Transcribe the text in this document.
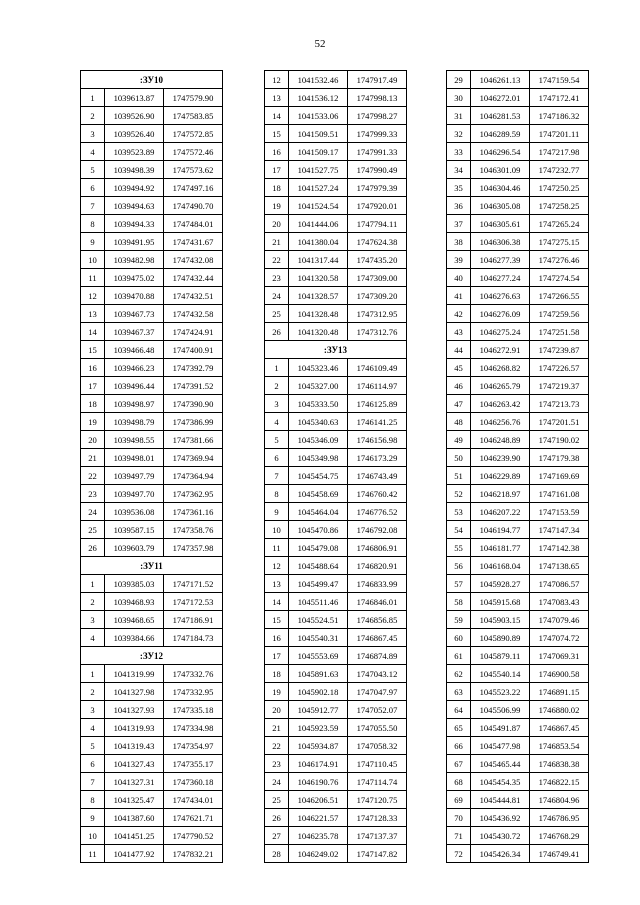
52
:ЗУ10		
1	1039613.87	1747579.90
2	1039526.90	1747583.85
3	1039526.40	1747572.85
4	1039523.89	1747572.46
5	1039498.39	1747573.62
6	1039494.92	1747497.16
7	1039494.63	1747490.70
8	1039494.33	1747484.01
9	1039491.95	1747431.67
10	1039482.98	1747432.08
11	1039475.02	1747432.44
12	1039470.88	1747432.51
13	1039467.73	1747432.58
14	1039467.37	1747424.91
15	1039466.48	1747400.91
16	1039466.23	1747392.79
17	1039496.44	1747391.52
18	1039498.97	1747390.90
19	1039498.79	1747386.99
20	1039498.55	1747381.66
21	1039498.01	1747369.94
22	1039497.79	1747364.94
23	1039497.70	1747362.95
24	1039536.08	1747361.16
25	1039587.15	1747358.76
26	1039603.79	1747357.98
:ЗУ11		
1	1039385.03	1747171.52
2	1039468.93	1747172.53
3	1039468.65	1747186.91
4	1039384.66	1747184.73
:ЗУ12		
1	1041319.99	1747332.76
2	1041327.98	1747332.95
3	1041327.93	1747335.18
4	1041319.93	1747334.98
5	1041319.43	1747354.97
6	1041327.43	1747355.17
7	1041327.31	1747360.18
8	1041325.47	1747434.01
9	1041387.60	1747621.71
10	1041451.25	1747790.52
11	1041477.92	1747832.21
12	1041532.46	1747917.49
13	1041536.12	1747998.13
14	1041533.06	1747998.27
15	1041509.51	1747999.33
16	1041509.17	1747991.33
17	1041527.75	1747990.49
18	1041527.24	1747979.39
19	1041524.54	1747920.01
20	1041444.06	1747794.11
21	1041380.04	1747624.38
22	1041317.44	1747435.20
23	1041320.58	1747309.00
24	1041328.57	1747309.20
25	1041328.48	1747312.95
26	1041320.48	1747312.76
:ЗУ13		
1	1045323.46	1746109.49
2	1045327.00	1746114.97
3	1045333.50	1746125.89
4	1045340.63	1746141.25
5	1045346.09	1746156.98
6	1045349.98	1746173.29
7	1045454.75	1746743.49
8	1045458.69	1746760.42
9	1045464.04	1746776.52
10	1045470.86	1746792.08
11	1045479.08	1746806.91
12	1045488.64	1746820.91
13	1045499.47	1746833.99
14	1045511.46	1746846.01
15	1045524.51	1746856.85
16	1045540.31	1746867.45
17	1045553.69	1746874.89
18	1045891.63	1747043.12
19	1045902.18	1747047.97
20	1045912.77	1747052.07
21	1045923.59	1747055.50
22	1045934.87	1747058.32
23	1046174.91	1747110.45
24	1046190.76	1747114.74
25	1046206.51	1747120.75
26	1046221.57	1747128.33
27	1046235.78	1747137.37
28	1046249.02	1747147.82
29	1046261.13	1747159.54
30	1046272.01	1747172.41
31	1046281.53	1747186.32
32	1046289.59	1747201.11
33	1046296.54	1747217.98
34	1046301.09	1747232.77
35	1046304.46	1747250.25
36	1046305.08	1747258.25
37	1046305.61	1747265.24
38	1046306.38	1747275.15
39	1046277.39	1747276.46
40	1046277.24	1747274.54
41	1046276.63	1747266.55
42	1046276.09	1747259.56
43	1046275.24	1747251.58
44	1046272.91	1747239.87
45	1046268.82	1747226.57
46	1046265.79	1747219.37
47	1046263.42	1747213.73
48	1046256.76	1747201.51
49	1046248.89	1747190.02
50	1046239.90	1747179.38
51	1046229.89	1747169.69
52	1046218.97	1747161.08
53	1046207.22	1747153.59
54	1046194.77	1747147.34
55	1046181.77	1747142.38
56	1046168.04	1747138.65
57	1045928.27	1747086.57
58	1045915.68	1747083.43
59	1045903.15	1747079.46
60	1045890.89	1747074.72
61	1045879.11	1747069.31
62	1045540.14	1746900.58
63	1045523.22	1746891.15
64	1045506.99	1746880.02
65	1045491.87	1746867.45
66	1045477.98	1746853.54
67	1045465.44	1746838.38
68	1045454.35	1746822.15
69	1045444.81	1746804.96
70	1045436.92	1746786.95
71	1045430.72	1746768.29
72	1045426.34	1746749.41
